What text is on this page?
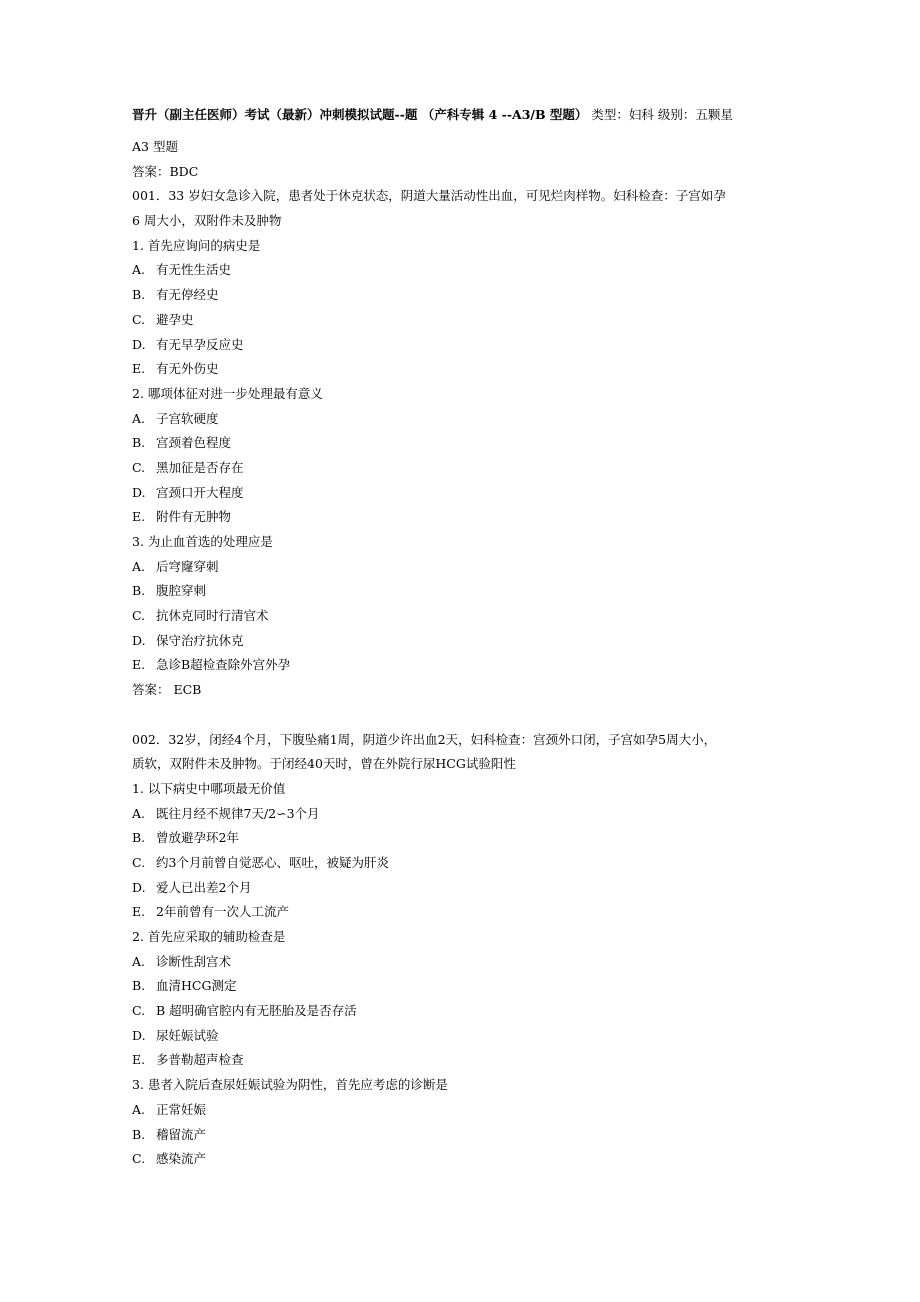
晋升（副主任医师）考试（最新）冲刺模拟试题--题 （产科专辑 4 --A3/B 型题） 类型：妇科 级别：五颗星
A3 型题
答案：BDC
001．33 岁妇女急诊入院，患者处于休克状态，阴道大量活动性出血，可见烂肉样物。妇科检查：子宫如孕
6 周大小，双附件未及肿物
1. 首先应询问的病史是
A. 有无性生活史
B. 有无停经史
C. 避孕史
D. 有无早孕反应史
E. 有无外伤史
2. 哪项体征对进一步处理最有意义
A. 子宫软硬度
B. 宫颈着色程度
C. 黑加征是否存在
D. 宫颈口开大程度
E. 附件有无肿物
3. 为止血首选的处理应是
A. 后穹窿穿刺
B. 腹腔穿刺
C. 抗休克同时行清官术
D. 保守治疗抗休克
E. 急诊B超检查除外宫外孕
答案： ECB
002．32岁，闭经4个月，下腹坠痛1周，阴道少许出血2天，妇科检查：宫颈外口闭，子宫如孕5周大小，
质软，双附件未及肿物。于闭经40天时，曾在外院行尿HCG试验阳性
1. 以下病史中哪项最无价值
A. 既往月经不规律7天/2∽3个月
B. 曾放避孕环2年
C. 约3个月前曾自觉恶心、呕吐，被疑为肝炎
D. 爱人已出差2个月
E. 2年前曾有一次人工流产
2. 首先应采取的辅助检查是
A. 诊断性刮宫术
B. 血清HCG测定
C. B 超明确官腔内有无胚胎及是否存活
D. 尿妊娠试验
E. 多普勒超声检查
3. 患者入院后查尿妊娠试验为阴性，首先应考虑的诊断是
A. 正常妊娠
B. 稽留流产
C. 感染流产
